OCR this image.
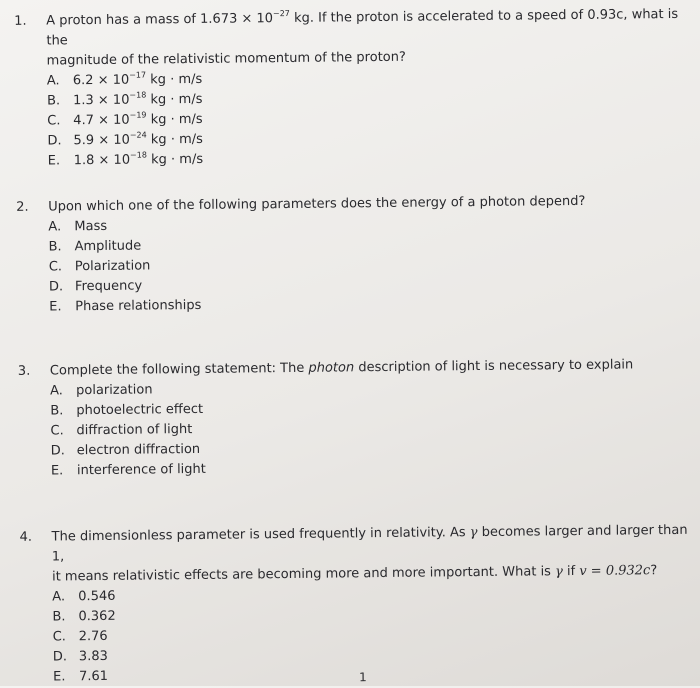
1.	A proton has a mass of $1.673 \times 10^{-27}$ kg. If the proton is accelerated to a speed of 0.93c, what is the
magnitude of the relativistic momentum of the proton?
A.	$6.2 \times 10^{-17}$ kg · m/s
B. $1.3 \times 10^{-18}$ kg · m/s
C. $4.7 \times 10^{-19}$ kg · m/s
D. $5.9 \times 10^{-24}$ kg · m/s
E.	$1.8 \times 10^{-18}$ kg · m/s
2.	Upon which one of the following parameters does the energy of a photon depend?
A.	Mass
B. Amplitude
C. Polarization
D. Frequency
E.	Phase relationships
3.	Complete the following statement: The photon description of light is necessary to explain
A.	polarization
B. photoelectric effect
C. diffraction of light
D. electron diffraction
E.	interference of light
4.	The dimensionless parameter is used frequently in relativity. As γ becomes larger and larger than 1,
it means relativistic effects are becoming more and more important. What is γ if v = 0.932c?
A.	0.546
B. 0.362
C. 2.76
D. 3.83
E.	7.61	1
